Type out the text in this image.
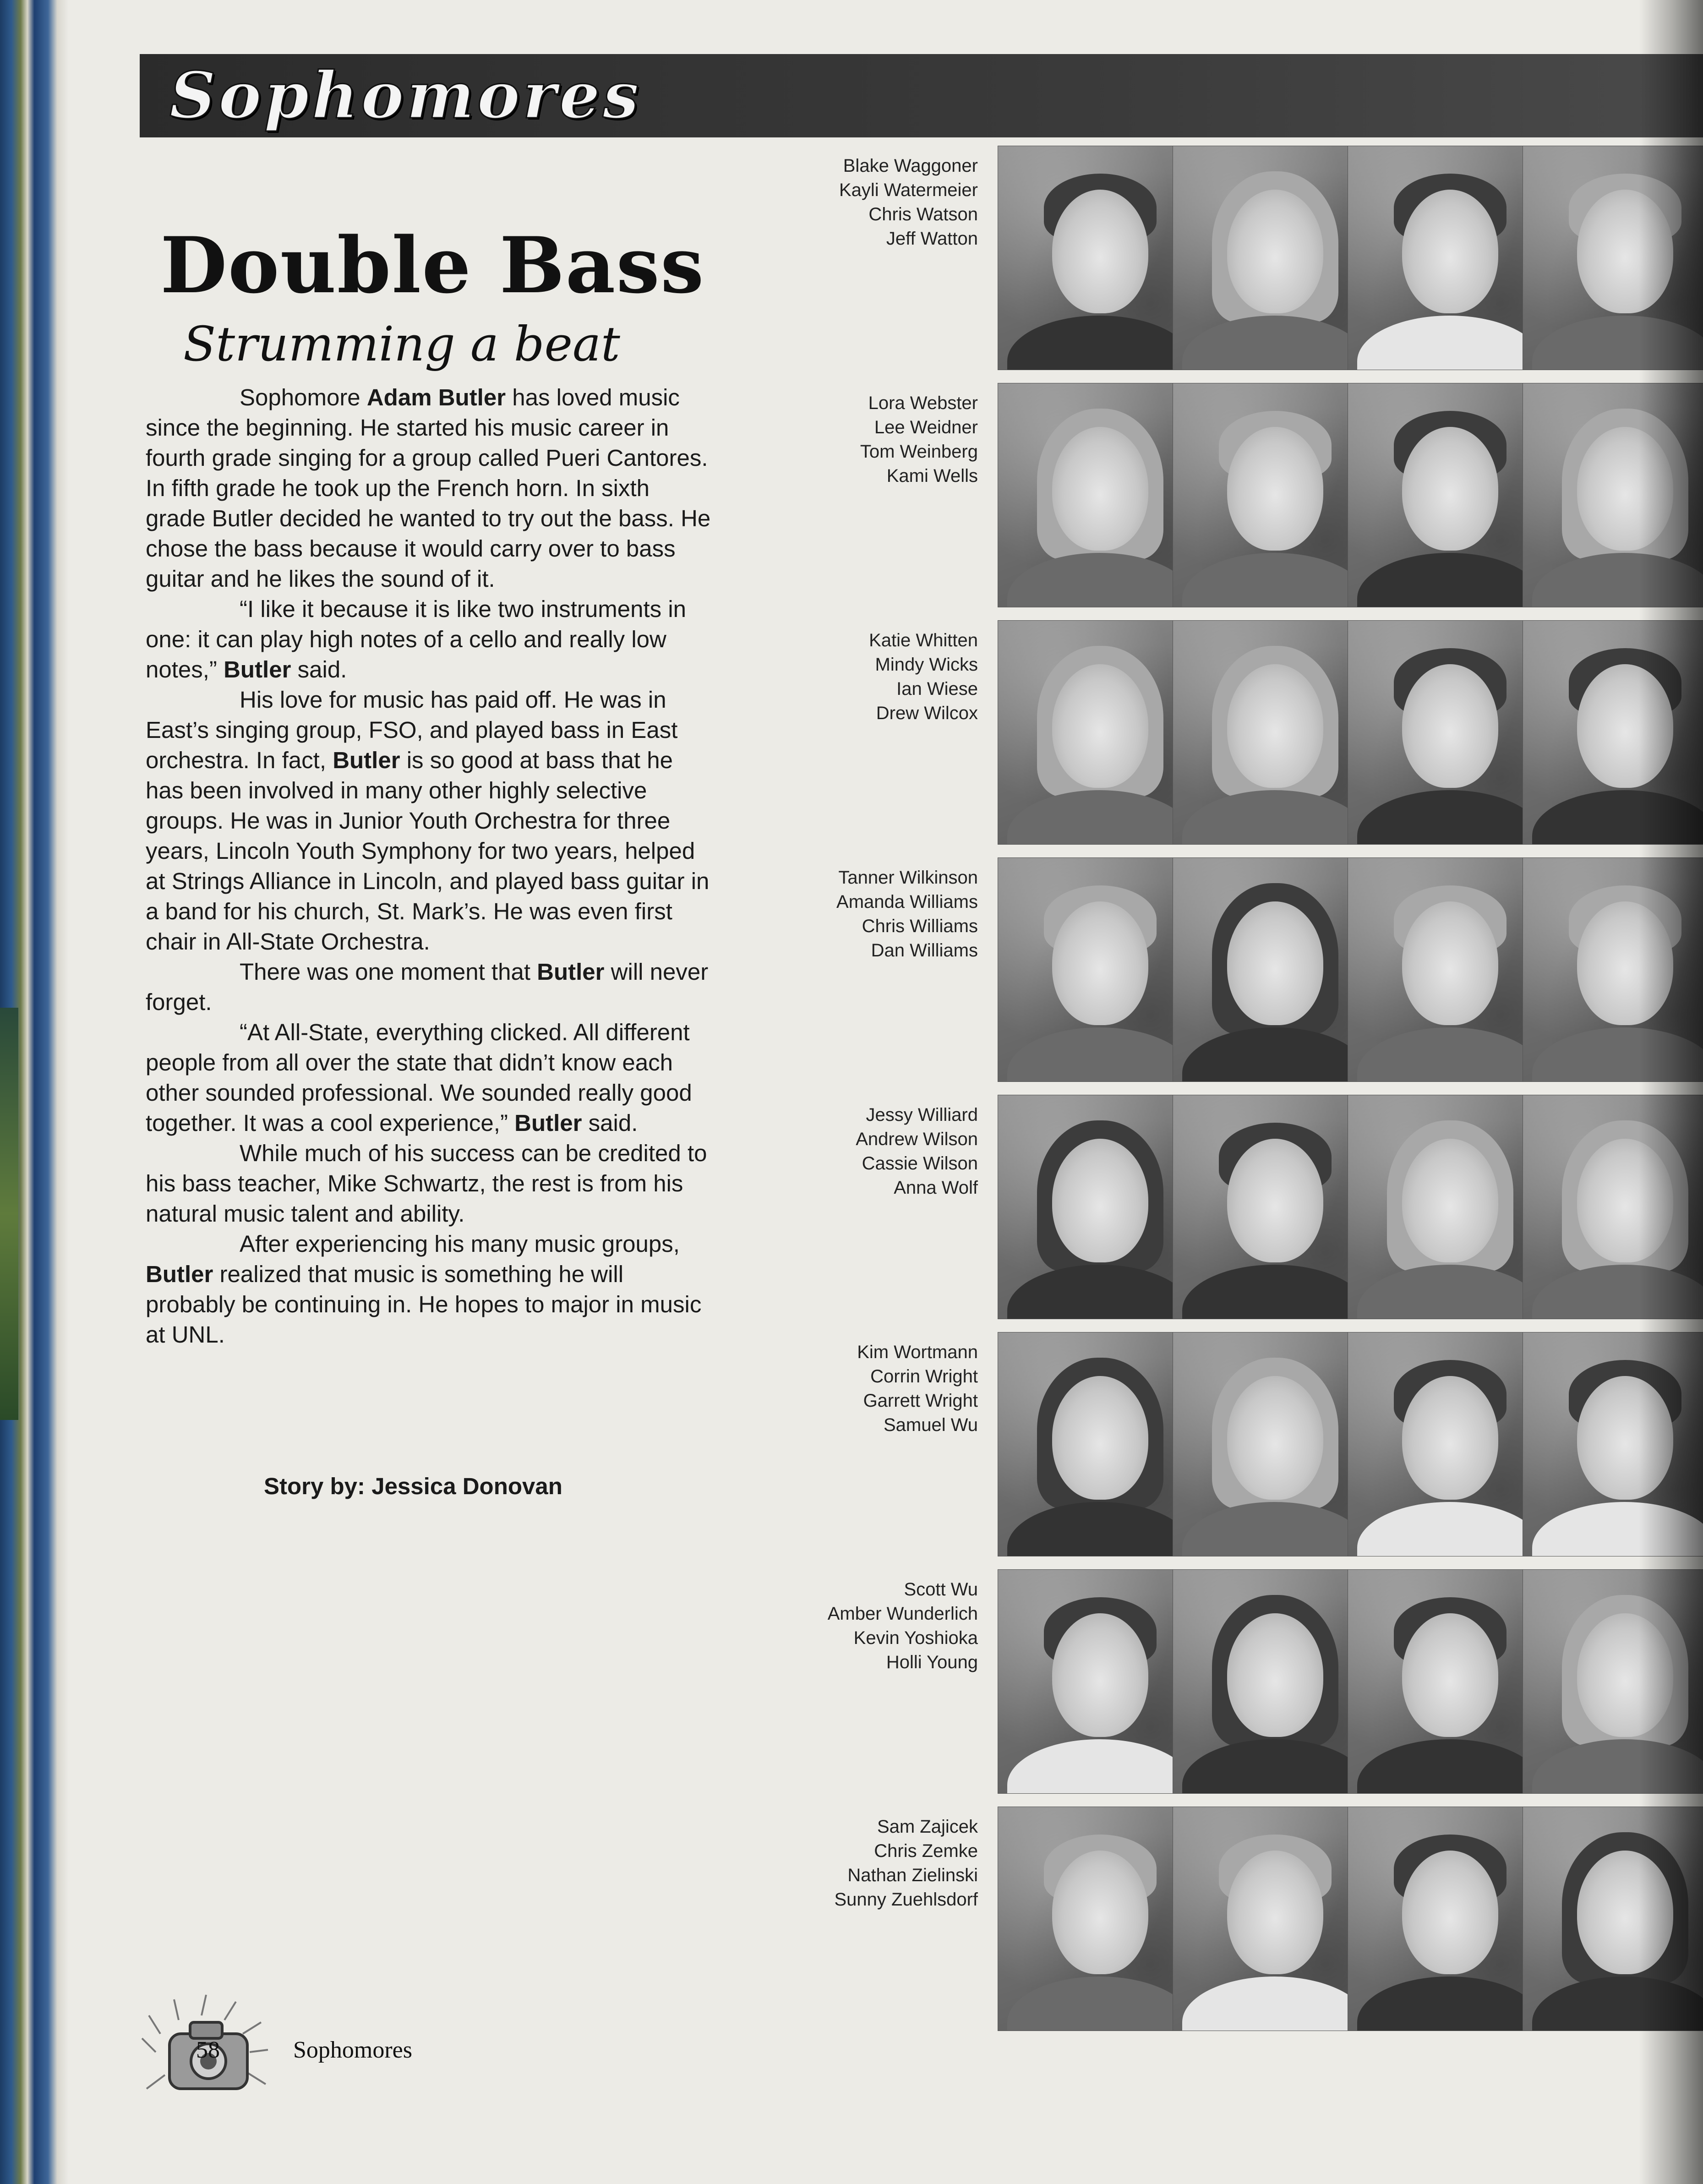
Sophomores
Double Bass
Strumming a beat

Sophomore Adam Butler has loved music since the beginning. He started his music career in fourth grade singing for a group called Pueri Cantores. In fifth grade he took up the French horn. In sixth grade Butler decided he wanted to try out the bass. He chose the bass because it would carry over to bass guitar and he likes the sound of it.

“I like it because it is like two instruments in one: it can play high notes of a cello and really low notes,” Butler said.

His love for music has paid off. He was in East’s singing group, FSO, and played bass in East orchestra. In fact, Butler is so good at bass that he has been involved in many other highly selective groups. He was in Junior Youth Orchestra for three years, Lincoln Youth Symphony for two years, helped at Strings Alliance in Lincoln, and played bass guitar in a band for his church, St. Mark’s. He was even first chair in All-State Orchestra.

There was one moment that Butler will never forget.

“At All-State, everything clicked. All different people from all over the state that didn’t know each other sounded professional. We sounded really good together. It was a cool experience,” Butler said.

While much of his success can be credited to his bass teacher, Mike Schwartz, the rest is from his natural music talent and ability.

After experiencing his many music groups, Butler realized that music is something he will probably be continuing in. He hopes to major in music at UNL.

Story by: Jessica Donovan
58	Sophomores
Blake Waggoner
Kayli Watermeier
Chris Watson
Jeff Watton
Lora Webster
Lee Weidner
Tom Weinberg
Kami Wells
Katie Whitten
Mindy Wicks
Ian Wiese
Drew Wilcox
Tanner Wilkinson
Amanda Williams
Chris Williams
Dan Williams
Jessy Williard
Andrew Wilson
Cassie Wilson
Anna Wolf
Kim Wortmann
Corrin Wright
Garrett Wright
Samuel Wu
Scott Wu
Amber Wunderlich
Kevin Yoshioka
Holli Young
Sam Zajicek
Chris Zemke
Nathan Zielinski
Sunny Zuehlsdorf
